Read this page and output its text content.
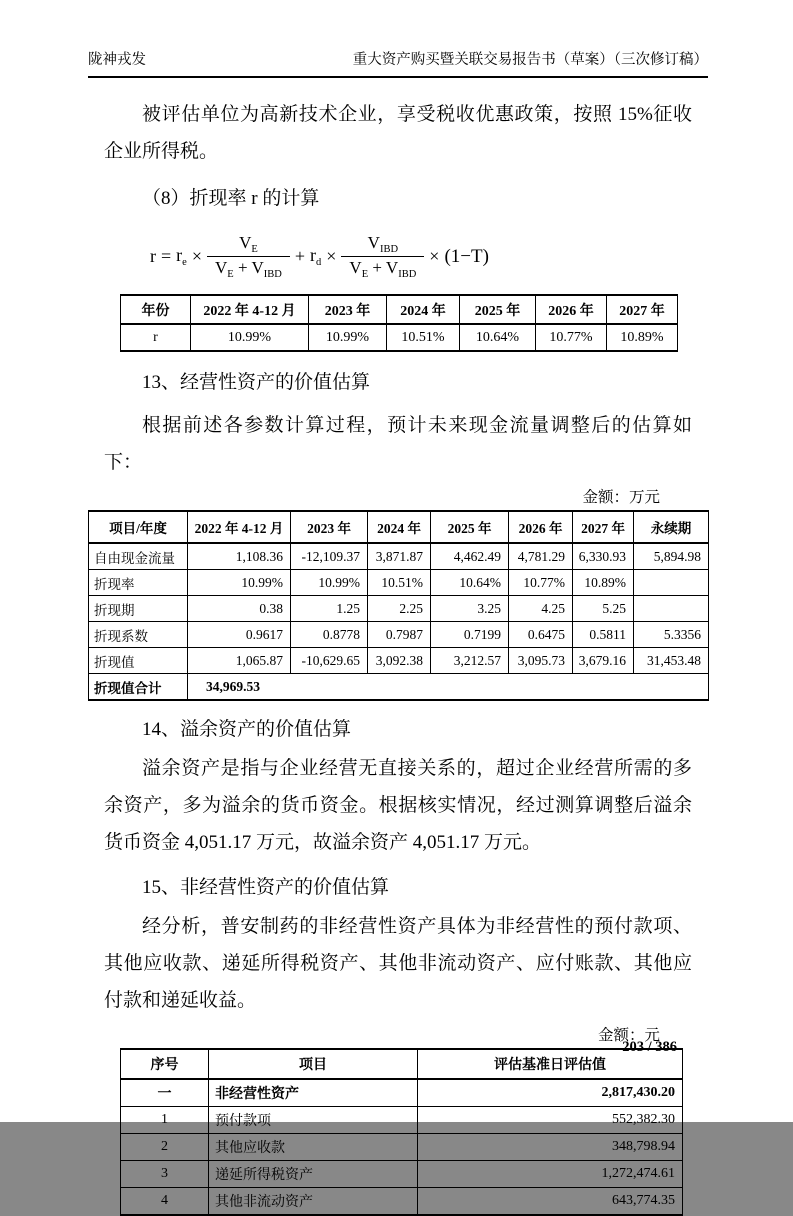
陇神戎发	重大资产购买暨关联交易报告书（草案）（三次修订稿）

被评估单位为高新技术企业，享受税收优惠政策，按照 15%征收企业所得税。

（8）折现率 r 的计算

$r = r_e \times \frac{V_E}{V_E + V_{IBD}} + r_d \times \frac{V_{IBD}}{V_E + V_{IBD}} \times (1-T)$
年份	2022 年 4-12 月	2023 年	2024 年	2025 年	2026 年	2027 年
r	10.99%	10.99%	10.51%	10.64%	10.77%	10.89%

13、经营性资产的价值估算

根据前述各参数计算过程，预计未来现金流量调整后的估算如下：

金额：万元
项目/年度	2022 年 4-12 月	2023 年	2024 年	2025 年	2026 年	2027 年	永续期
自由现金流量	1,108.36	-12,109.37	3,871.87	4,462.49	4,781.29	6,330.93	5,894.98
折现率	10.99%	10.99%	10.51%	10.64%	10.77%	10.89%	
折现期	0.38	1.25	2.25	3.25	4.25	5.25	
折现系数	0.9617	0.8778	0.7987	0.7199	0.6475	0.5811	5.3356
折现值	1,065.87	-10,629.65	3,092.38	3,212.57	3,095.73	3,679.16	31,453.48
折现值合计	34,969.53						

14、溢余资产的价值估算

溢余资产是指与企业经营无直接关系的，超过企业经营所需的多余资产，多为溢余的货币资金。根据核实情况，经过测算调整后溢余货币资金 4,051.17 万元，故溢余资产 4,051.17 万元。

15、非经营性资产的价值估算

经分析，普安制药的非经营性资产具体为非经营性的预付款项、其他应收款、递延所得税资产、其他非流动资产、应付账款、其他应付款和递延收益。

金额：元
序号	项目	评估基准日评估值
一	非经营性资产	2,817,430.20
1	预付款项	552,382.30
2	其他应收款	348,798.94
3	递延所得税资产	1,272,474.61
4	其他非流动资产	643,774.35
203 / 386
